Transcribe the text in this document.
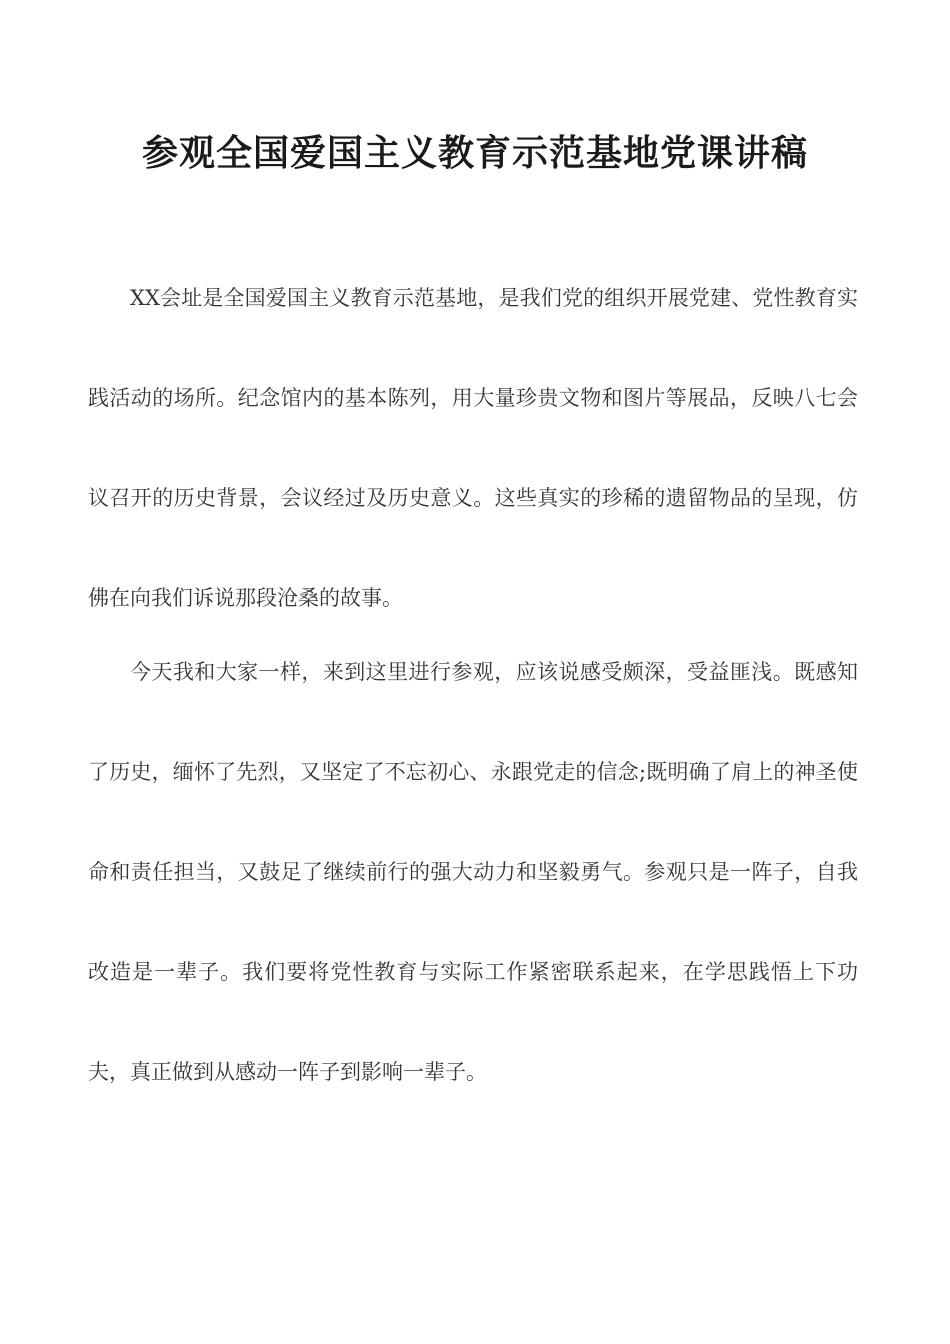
参观全国爱国主义教育示范基地党课讲稿

XX会址是全国爱国主义教育示范基地，是我们党的组织开展党建、党性教育实践活动的场所。纪念馆内的基本陈列，用大量珍贵文物和图片等展品，反映八七会议召开的历史背景，会议经过及历史意义。这些真实的珍稀的遗留物品的呈现，仿佛在向我们诉说那段沧桑的故事。

今天我和大家一样，来到这里进行参观，应该说感受颇深，受益匪浅。既感知了历史，缅怀了先烈，又坚定了不忘初心、永跟党走的信念;既明确了肩上的神圣使命和责任担当，又鼓足了继续前行的强大动力和坚毅勇气。参观只是一阵子，自我改造是一辈子。我们要将党性教育与实际工作紧密联系起来，在学思践悟上下功夫，真正做到从感动一阵子到影响一辈子。
